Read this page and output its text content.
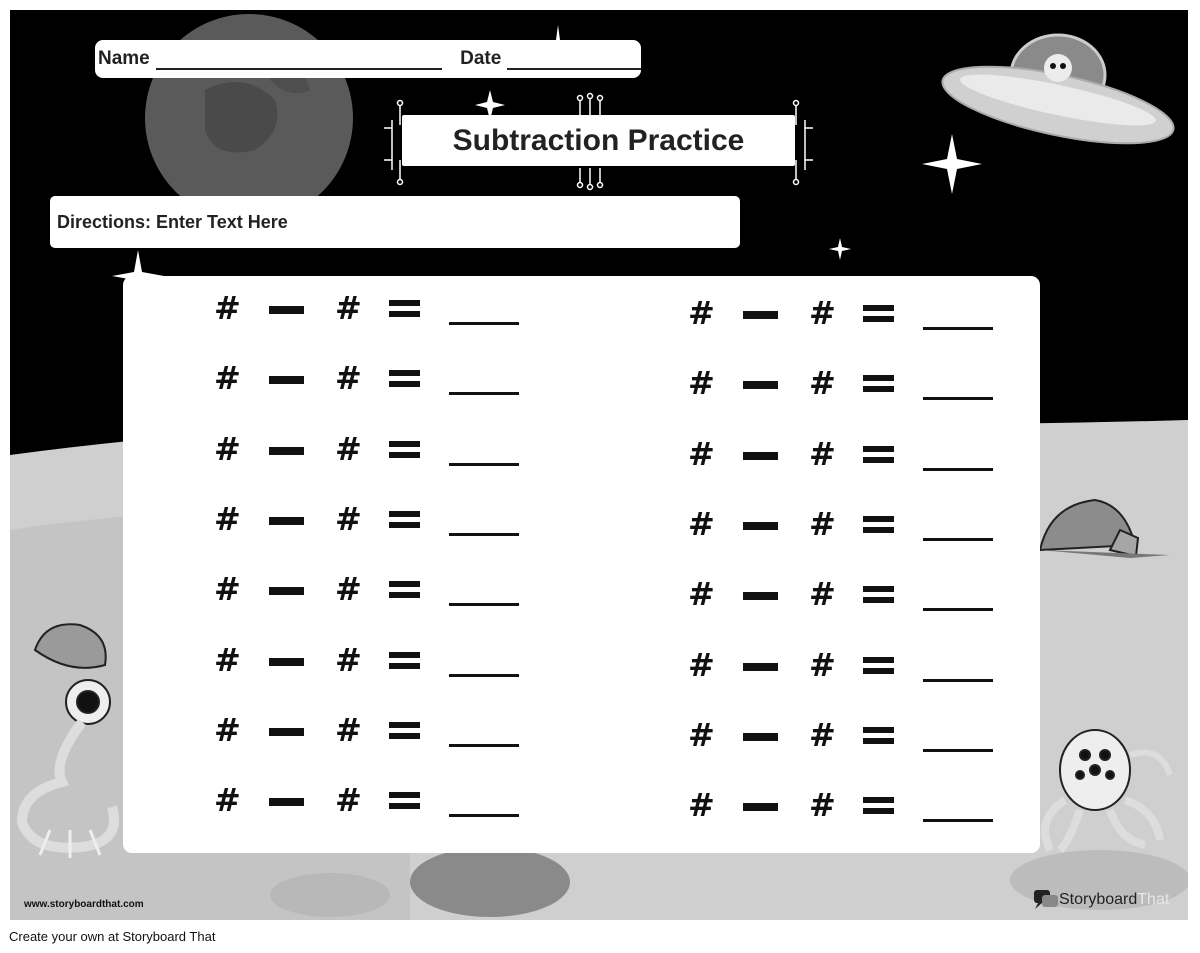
Name	Date
Subtraction Practice
Directions: Enter Text Here
#	#
#	#
#	#
#	#
#	#
#	#
#	#
#	#
#	#
#	#
#	#
#	#
#	#
#	#
#	#
#	#
www.storyboardthat.com	Storyboard That
Create your own at Storyboard That
